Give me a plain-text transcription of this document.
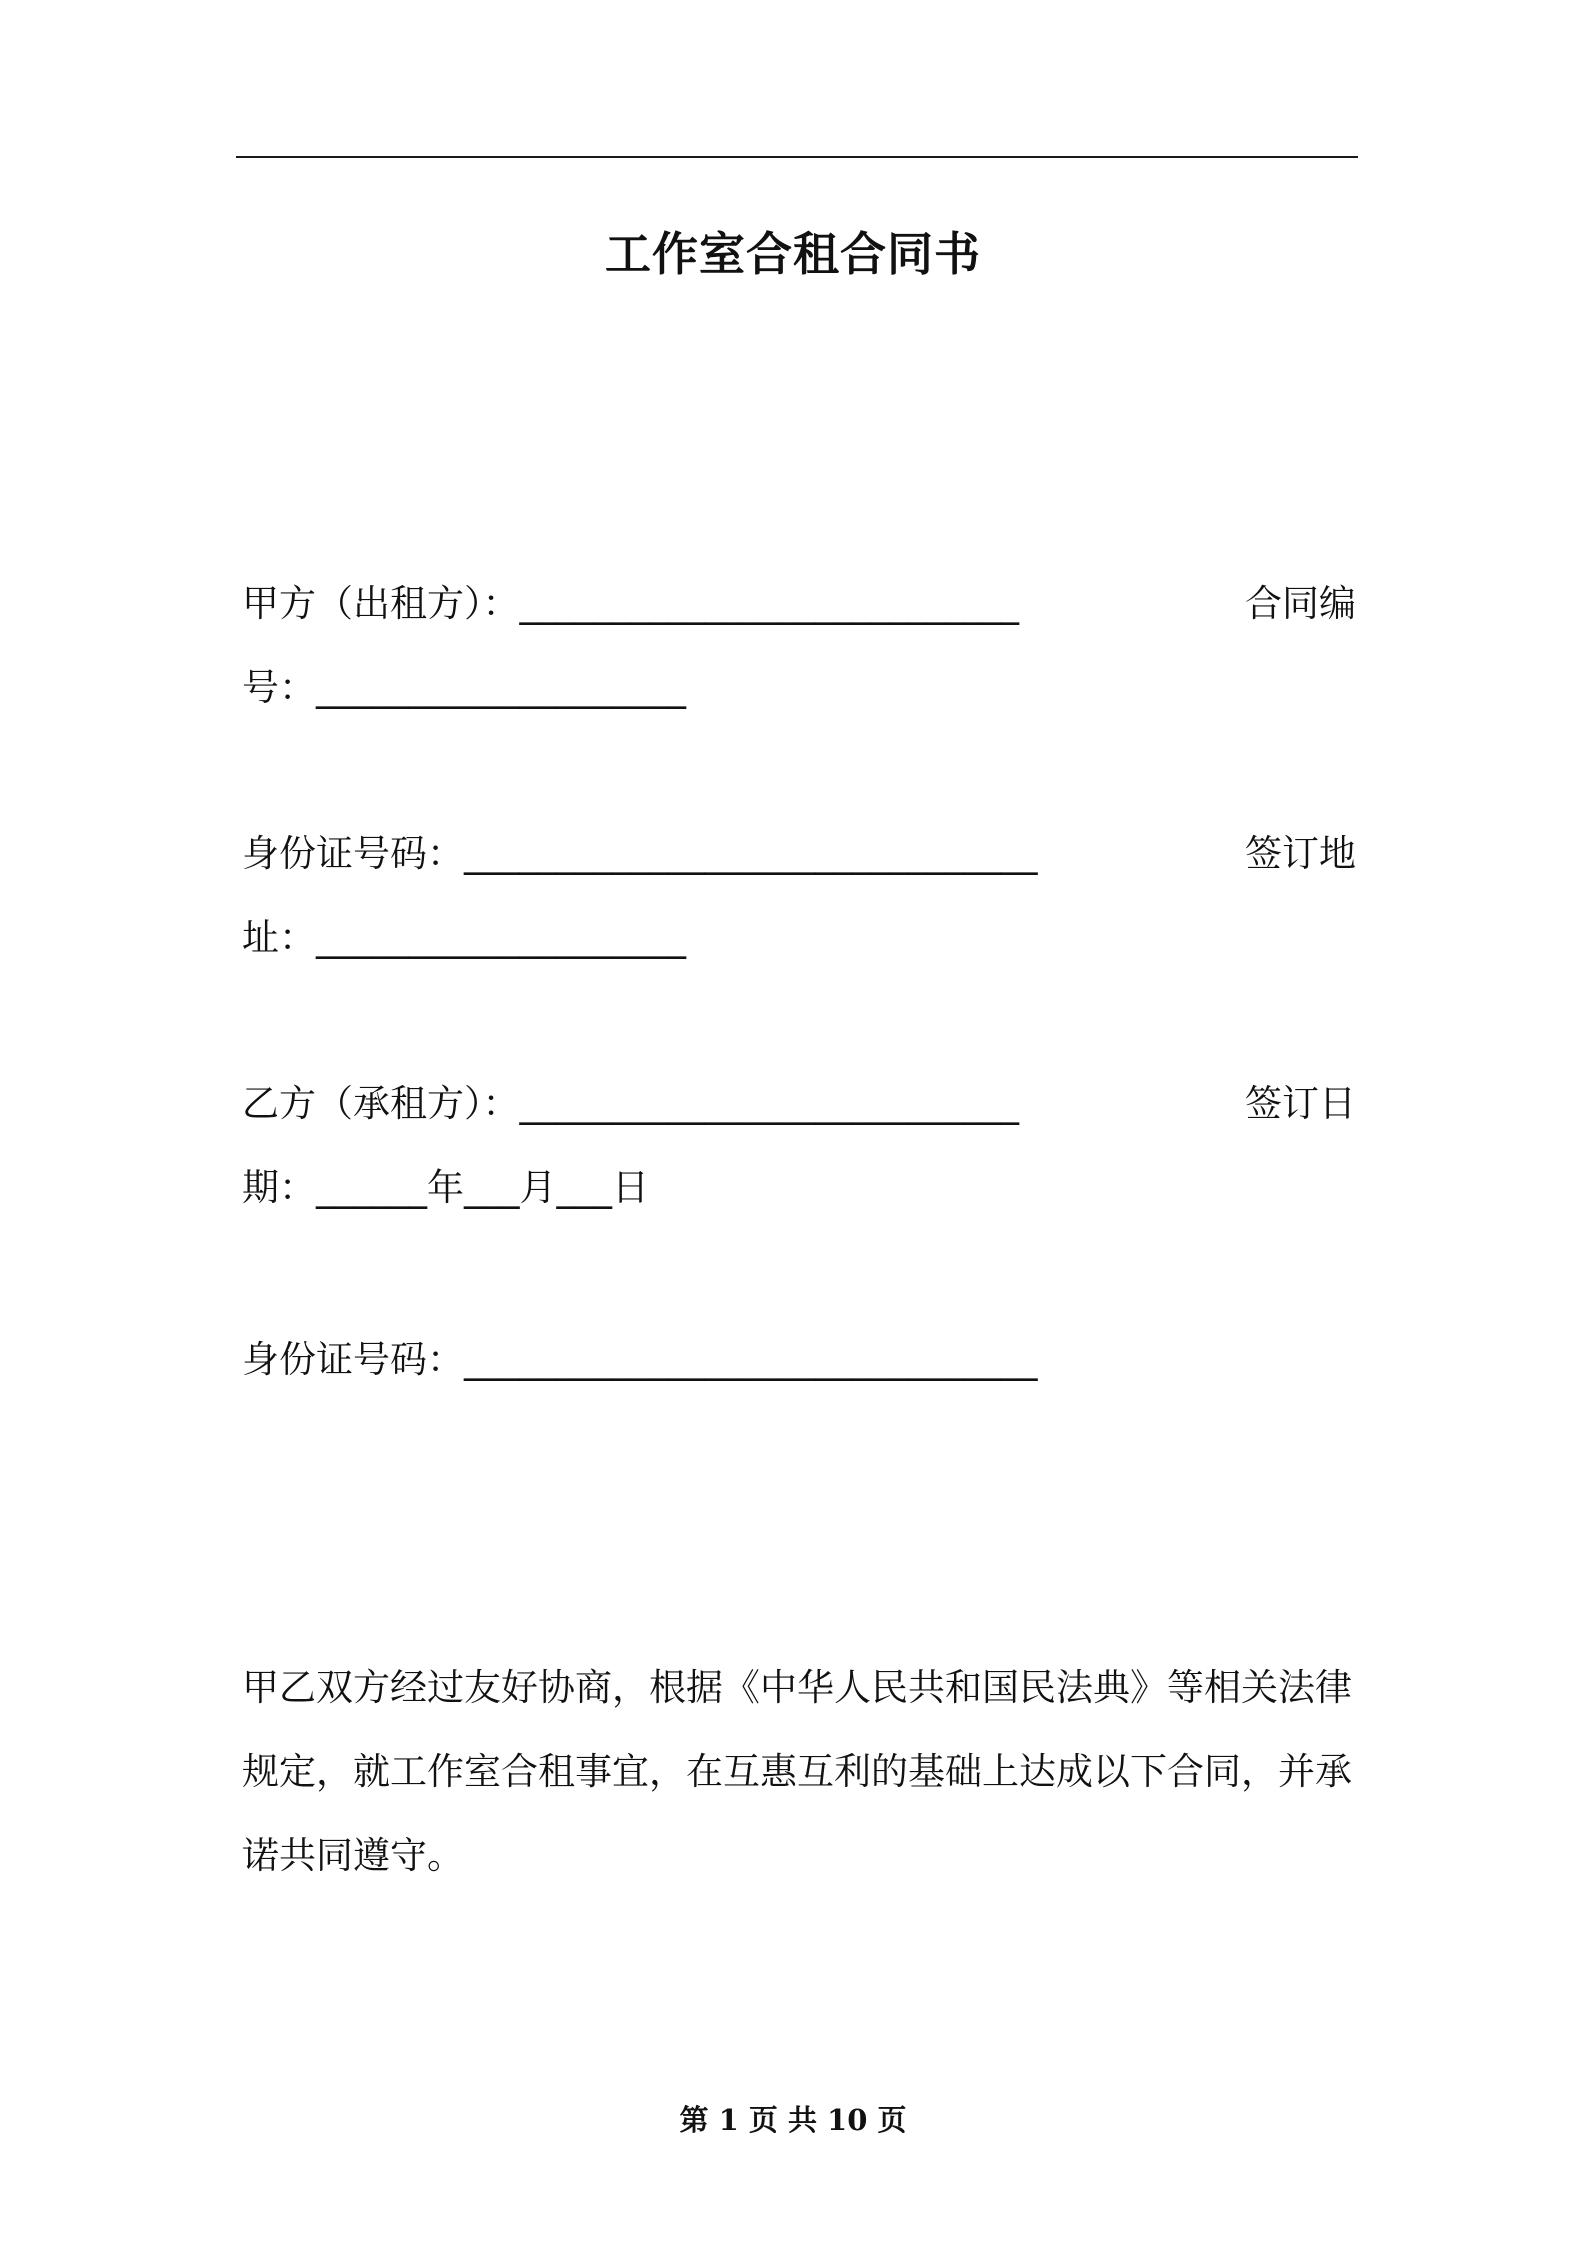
工作室合租合同书
甲方（出租方）：___________________________	合同编
号：____________________
身份证号码：_______________________________	签订地
址：____________________
乙方（承租方）：___________________________	签订日
期：______年___月___日
身份证号码：_______________________________
甲乙双方经过友好协商，根据《中华人民共和国民法典》等相关法律
规定，就工作室合租事宜，在互惠互利的基础上达成以下合同，并承
诺共同遵守。
第 1 页 共 10 页
